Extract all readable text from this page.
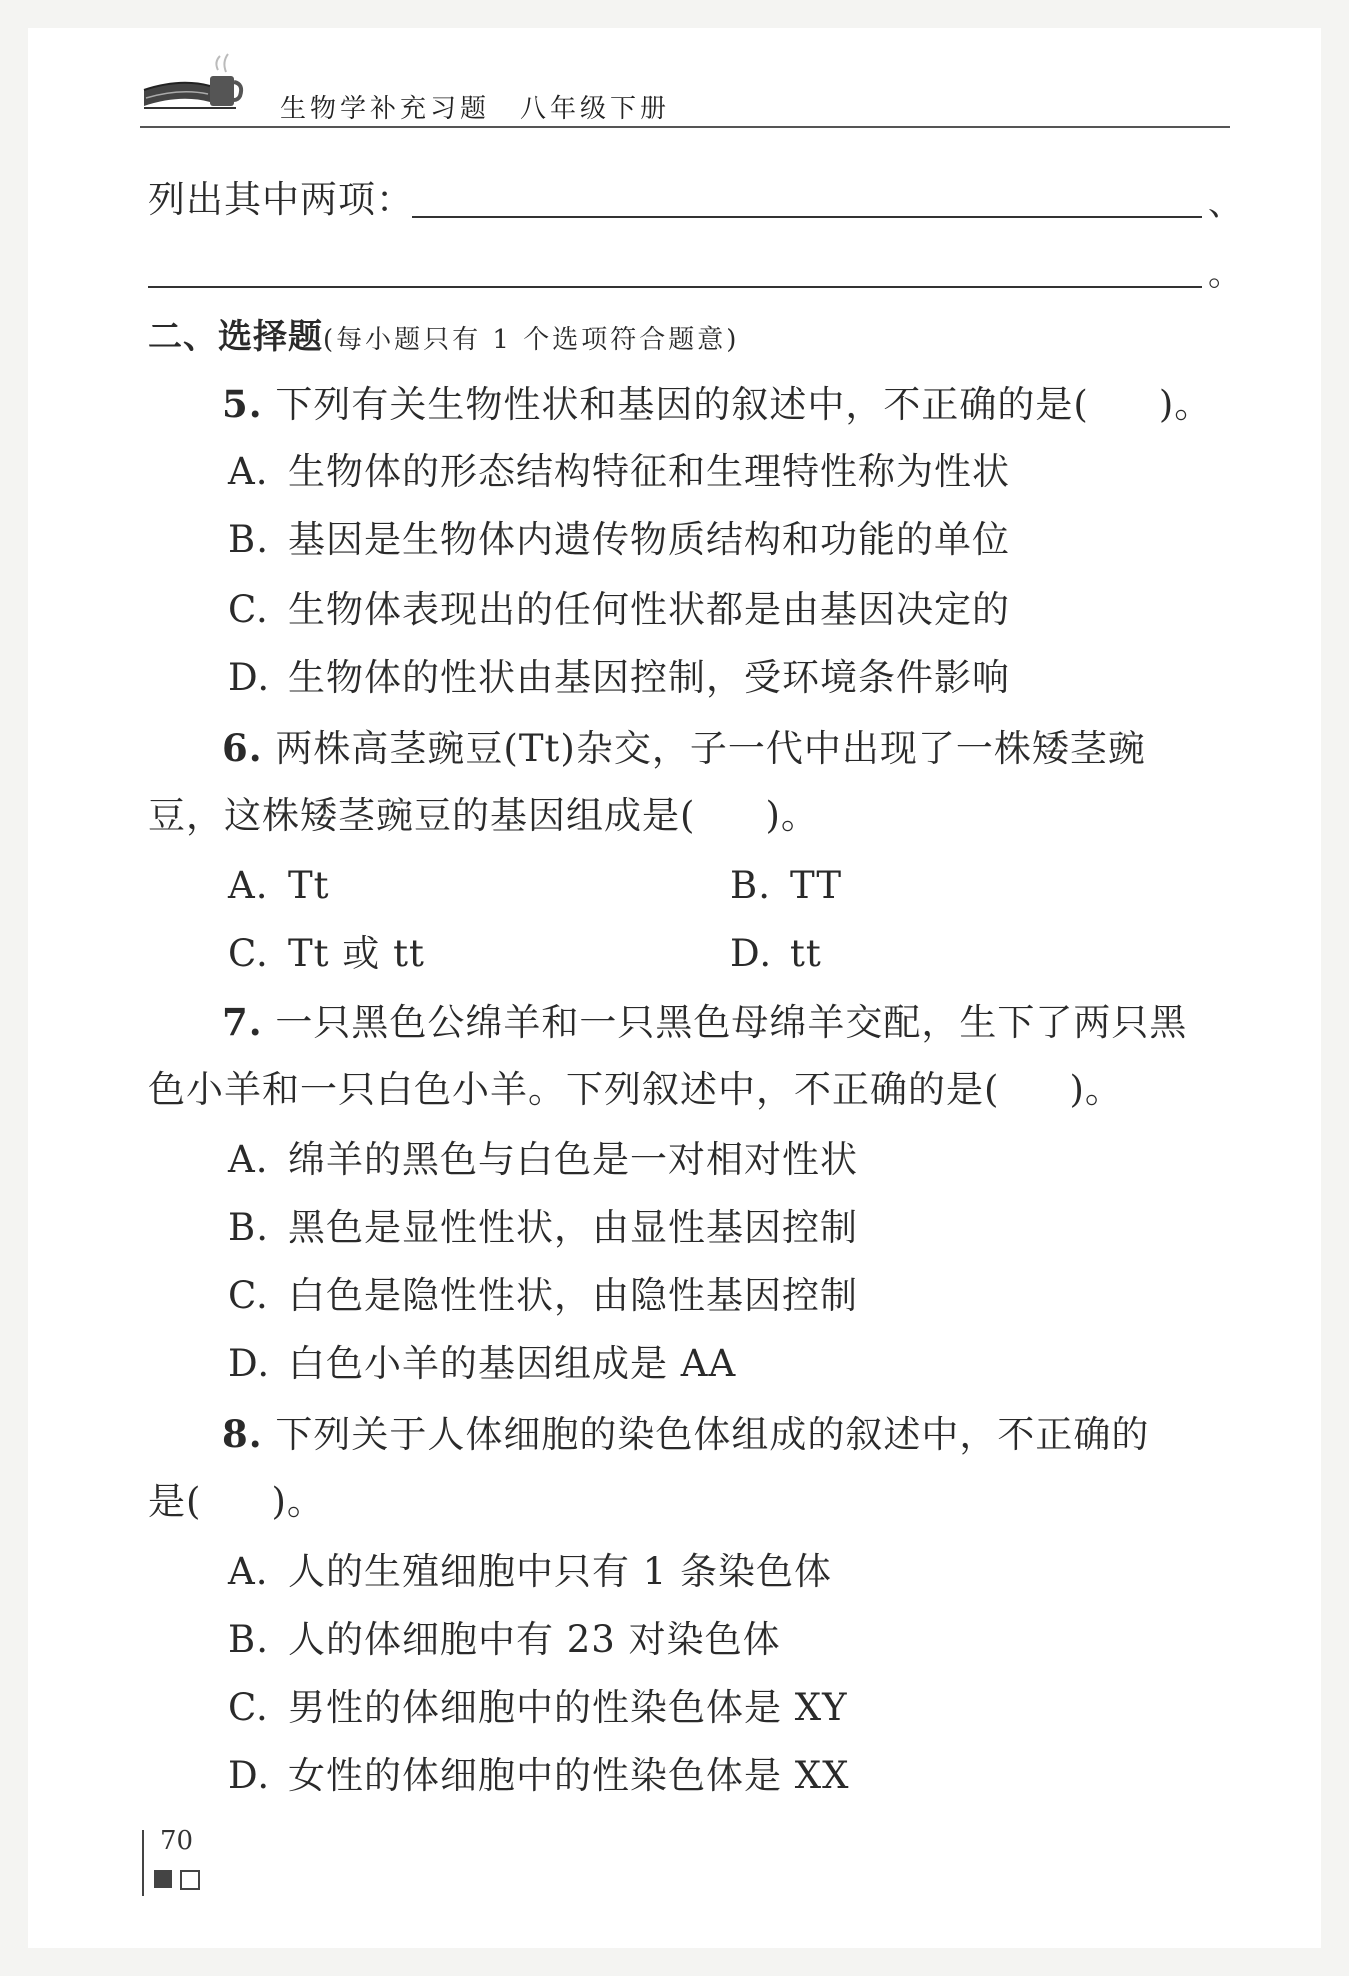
生物学补充习题　八年级下册
列出其中两项：	、
。
二、选择题(每小题只有 1 个选项符合题意)
5. 下列有关生物性状和基因的叙述中，不正确的是( )。
A. 生物体的形态结构特征和生理特性称为性状
B. 基因是生物体内遗传物质结构和功能的单位
C. 生物体表现出的任何性状都是由基因决定的
D. 生物体的性状由基因控制，受环境条件影响
6. 两株高茎豌豆(Tt)杂交，子一代中出现了一株矮茎豌
豆，这株矮茎豌豆的基因组成是( )。
A. Tt	B. TT
C. Tt 或 tt	D. tt
7. 一只黑色公绵羊和一只黑色母绵羊交配，生下了两只黑
色小羊和一只白色小羊。下列叙述中，不正确的是( )。
A. 绵羊的黑色与白色是一对相对性状
B. 黑色是显性性状，由显性基因控制
C. 白色是隐性性状，由隐性基因控制
D. 白色小羊的基因组成是 AA
8. 下列关于人体细胞的染色体组成的叙述中，不正确的
是( )。
A. 人的生殖细胞中只有 1 条染色体
B. 人的体细胞中有 23 对染色体
C. 男性的体细胞中的性染色体是 XY
D. 女性的体细胞中的性染色体是 XX
70
